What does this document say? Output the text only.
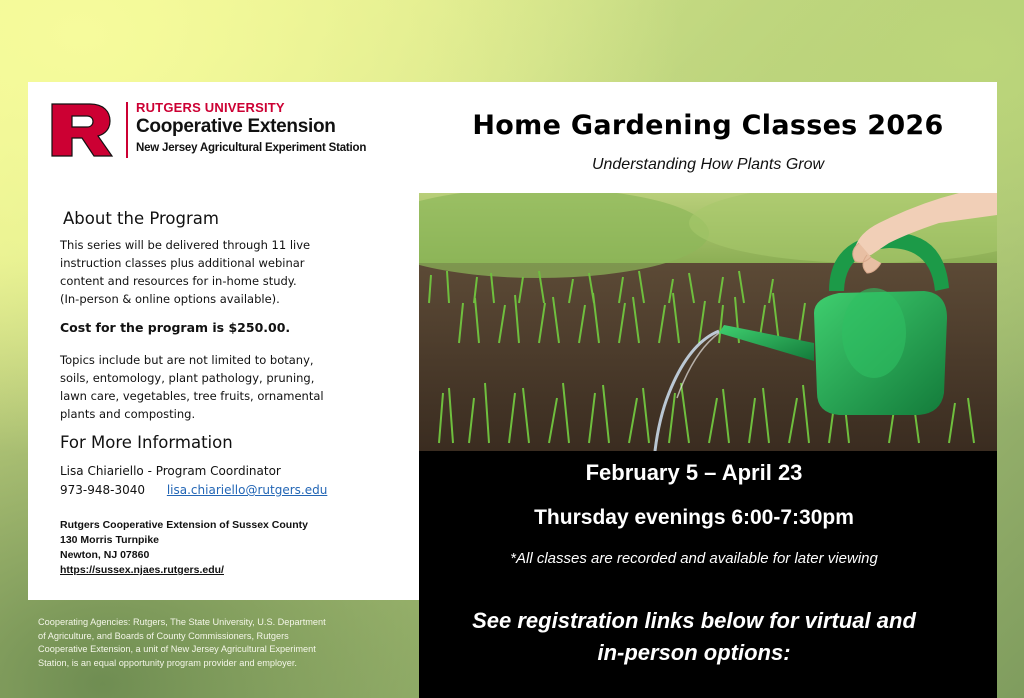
RUTGERS UNIVERSITY
Cooperative Extension
New Jersey Agricultural Experiment Station
About the Program
This series will be delivered through 11 live
instruction classes plus additional webinar
content and resources for in-home study.
(In-person & online options available).
Cost for the program is $250.00.
Topics include but are not limited to botany,
soils, entomology, plant pathology, pruning,
lawn care, vegetables, tree fruits, ornamental
plants and composting.
For More Information
Lisa Chiariello - Program Coordinator
973-948-3040 lisa.chiariello@rutgers.edu
Rutgers Cooperative Extension of Sussex County
130 Morris Turnpike
Newton, NJ 07860
https://sussex.njaes.rutgers.edu/
Cooperating Agencies: Rutgers, The State University, U.S. Department
of Agriculture, and Boards of County Commissioners, Rutgers
Cooperative Extension, a unit of New Jersey Agricultural Experiment
Station, is an equal opportunity program provider and employer.
Home Gardening Classes 2026
Understanding How Plants Grow
February 5 – April 23
Thursday evenings 6:00-7:30pm
*All classes are recorded and available for later viewing
See registration links below for virtual and
in-person options:
